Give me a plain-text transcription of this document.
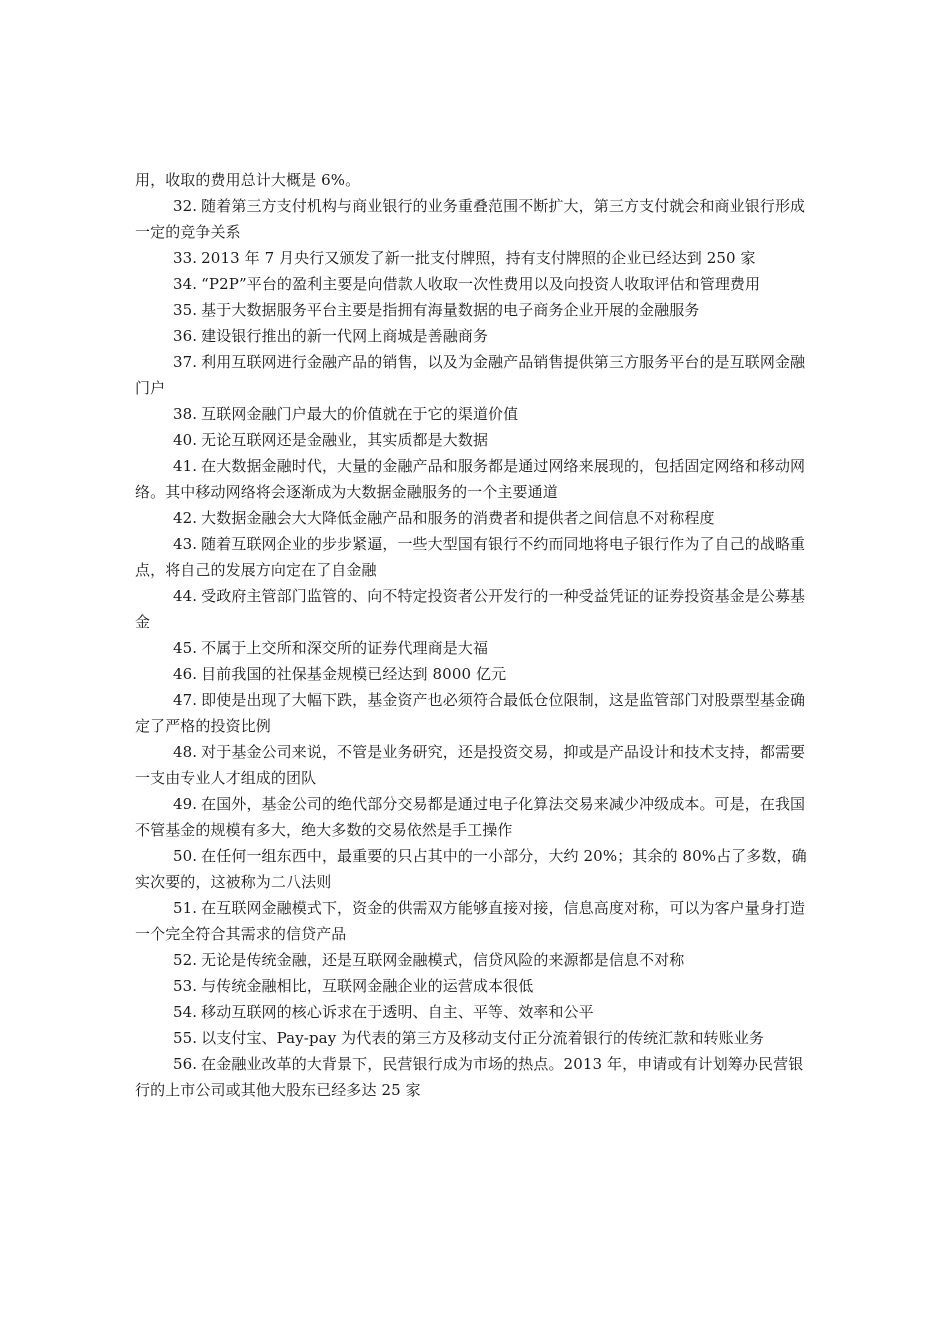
用，收取的费用总计大概是 6%。

32. 随着第三方支付机构与商业银行的业务重叠范围不断扩大，第三方支付就会和商业银行形成一定的竞争关系

33. 2013 年 7 月央行又颁发了新一批支付牌照，持有支付牌照的企业已经达到 250 家

34. “P2P”平台的盈利主要是向借款人收取一次性费用以及向投资人收取评估和管理费用

35. 基于大数据服务平台主要是指拥有海量数据的电子商务企业开展的金融服务

36. 建设银行推出的新一代网上商城是善融商务

37. 利用互联网进行金融产品的销售，以及为金融产品销售提供第三方服务平台的是互联网金融门户

38. 互联网金融门户最大的价值就在于它的渠道价值

40. 无论互联网还是金融业，其实质都是大数据

41. 在大数据金融时代，大量的金融产品和服务都是通过网络来展现的，包括固定网络和移动网络。其中移动网络将会逐渐成为大数据金融服务的一个主要通道

42. 大数据金融会大大降低金融产品和服务的消费者和提供者之间信息不对称程度

43. 随着互联网企业的步步紧逼，一些大型国有银行不约而同地将电子银行作为了自己的战略重点，将自己的发展方向定在了自金融

44. 受政府主管部门监管的、向不特定投资者公开发行的一种受益凭证的证券投资基金是公募基金

45. 不属于上交所和深交所的证券代理商是大福

46. 目前我国的社保基金规模已经达到 8000 亿元

47. 即使是出现了大幅下跌，基金资产也必须符合最低仓位限制，这是监管部门对股票型基金确定了严格的投资比例

48. 对于基金公司来说，不管是业务研究，还是投资交易，抑或是产品设计和技术支持，都需要一支由专业人才组成的团队

49. 在国外，基金公司的绝代部分交易都是通过电子化算法交易来减少冲级成本。可是，在我国不管基金的规模有多大，绝大多数的交易依然是手工操作

50. 在任何一组东西中，最重要的只占其中的一小部分，大约 20%；其余的 80%占了多数，确实次要的，这被称为二八法则

51. 在互联网金融模式下，资金的供需双方能够直接对接，信息高度对称，可以为客户量身打造一个完全符合其需求的信贷产品

52. 无论是传统金融，还是互联网金融模式，信贷风险的来源都是信息不对称

53. 与传统金融相比，互联网金融企业的运营成本很低

54. 移动互联网的核心诉求在于透明、自主、平等、效率和公平

55. 以支付宝、Pay-pay 为代表的第三方及移动支付正分流着银行的传统汇款和转账业务

56. 在金融业改革的大背景下，民营银行成为市场的热点。2013 年，申请或有计划筹办民营银行的上市公司或其他大股东已经多达 25 家
